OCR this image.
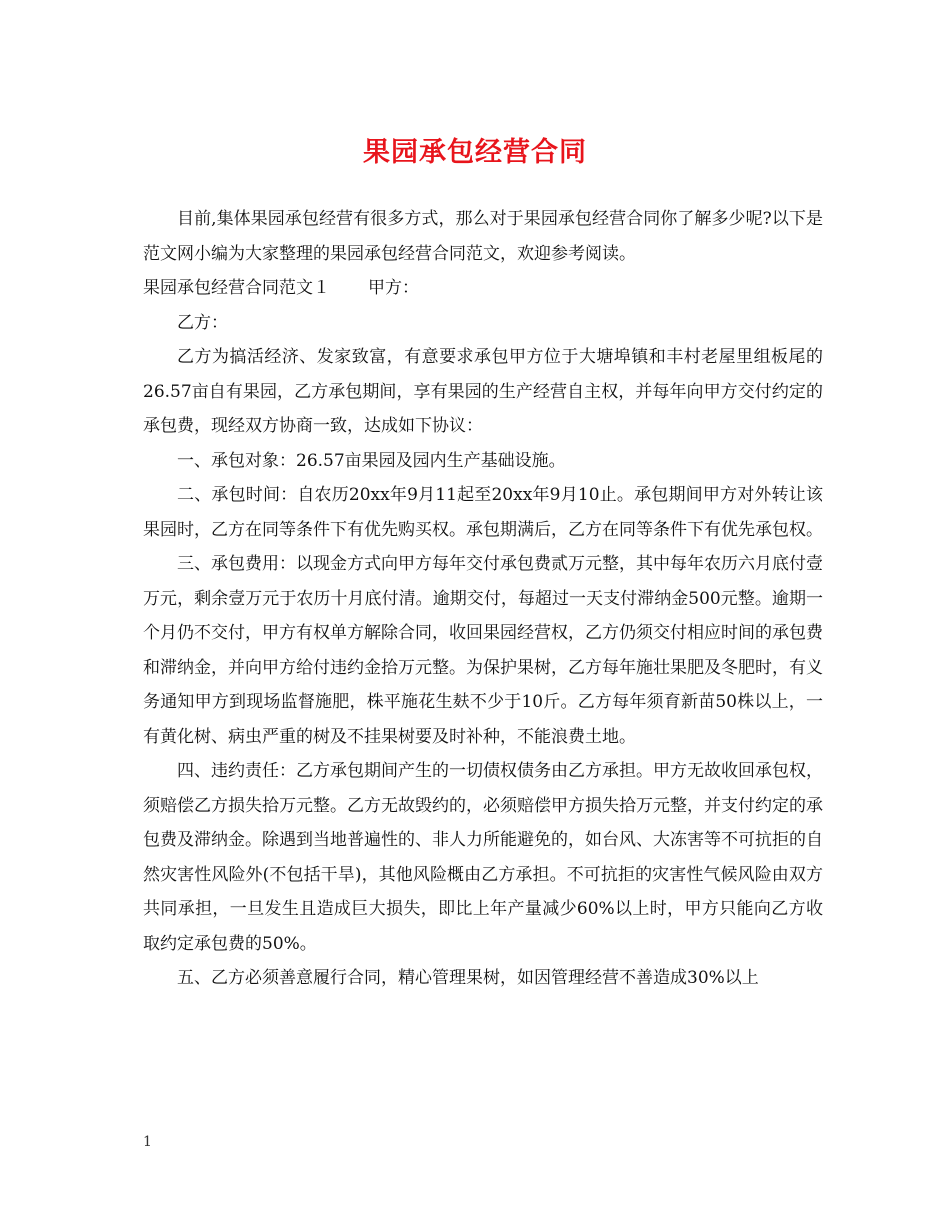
果园承包经营合同

目前,集体果园承包经营有很多方式，那么对于果园承包经营合同你了解多少呢?以下是范文网小编为大家整理的果园承包经营合同范文，欢迎参考阅读。

果园承包经营合同范文１ 甲方：

乙方：

乙方为搞活经济、发家致富，有意要求承包甲方位于大塘埠镇和丰村老屋里组板尾的26.57亩自有果园，乙方承包期间，享有果园的生产经营自主权，并每年向甲方交付约定的承包费，现经双方协商一致，达成如下协议：

一、承包对象：26.57亩果园及园内生产基础设施。

二、承包时间：自农历20xx年9月11起至20xx年9月10止。承包期间甲方对外转让该果园时，乙方在同等条件下有优先购买权。承包期满后，乙方在同等条件下有优先承包权。

三、承包费用：以现金方式向甲方每年交付承包费贰万元整，其中每年农历六月底付壹万元，剩余壹万元于农历十月底付清。逾期交付，每超过一天支付滞纳金500元整。逾期一个月仍不交付，甲方有权单方解除合同，收回果园经营权，乙方仍须交付相应时间的承包费和滞纳金，并向甲方给付违约金拾万元整。为保护果树，乙方每年施壮果肥及冬肥时，有义务通知甲方到现场监督施肥，株平施花生麸不少于10斤。乙方每年须育新苗50株以上，一有黄化树、病虫严重的树及不挂果树要及时补种，不能浪费土地。

四、违约责任：乙方承包期间产生的一切债权债务由乙方承担。甲方无故收回承包权，须赔偿乙方损失拾万元整。乙方无故毁约的，必须赔偿甲方损失拾万元整，并支付约定的承包费及滞纳金。除遇到当地普遍性的、非人力所能避免的，如台风、大冻害等不可抗拒的自然灾害性风险外(不包括干旱)，其他风险概由乙方承担。不可抗拒的灾害性气候风险由双方共同承担，一旦发生且造成巨大损失，即比上年产量减少60%以上时，甲方只能向乙方收取约定承包费的50%。

五、乙方必须善意履行合同，精心管理果树，如因管理经营不善造成30%以上

1
